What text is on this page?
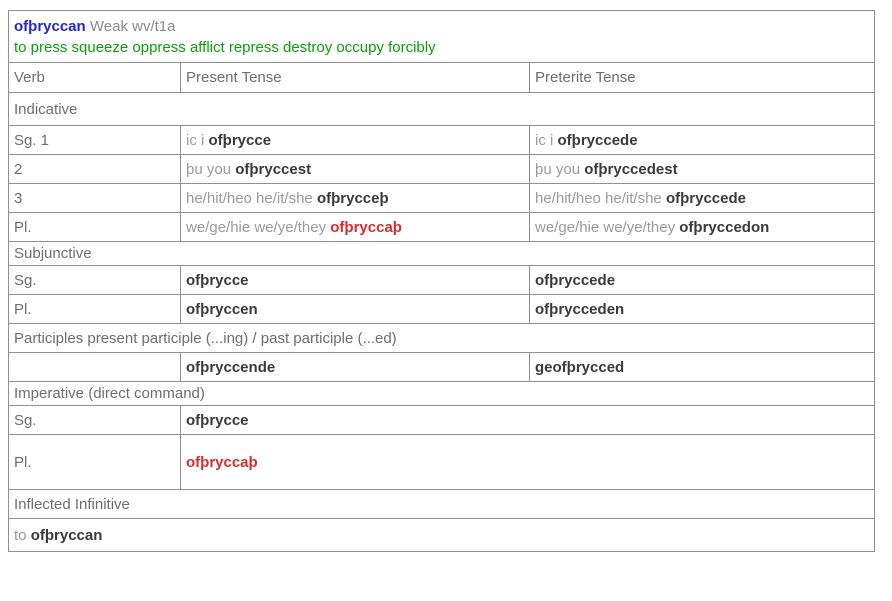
ofþryccan Weak wv/t1a
to press squeeze oppress afflict repress destroy occupy forcibly		
Verb	Present Tense	Preterite Tense
Indicative		
Sg. 1	ic i ofþrycce	ic i ofþryccede
2	þu you ofþryccest	þu you ofþryccedest
3	he/hit/heo he/it/she ofþrycceþ	he/hit/heo he/it/she ofþryccede
Pl.	we/ge/hie we/ye/they ofþryccaþ	we/ge/hie we/ye/they ofþryccedon
Subjunctive		
Sg.	ofþrycce	ofþryccede
Pl.	ofþryccen	ofþrycceden
Participles present participle (...ing) / past participle (...ed)		
	ofþryccende	geofþrycced
Imperative (direct command)		
Sg.	ofþrycce	
Pl.	ofþryccaþ	
Inflected Infinitive		
to ofþryccan		
